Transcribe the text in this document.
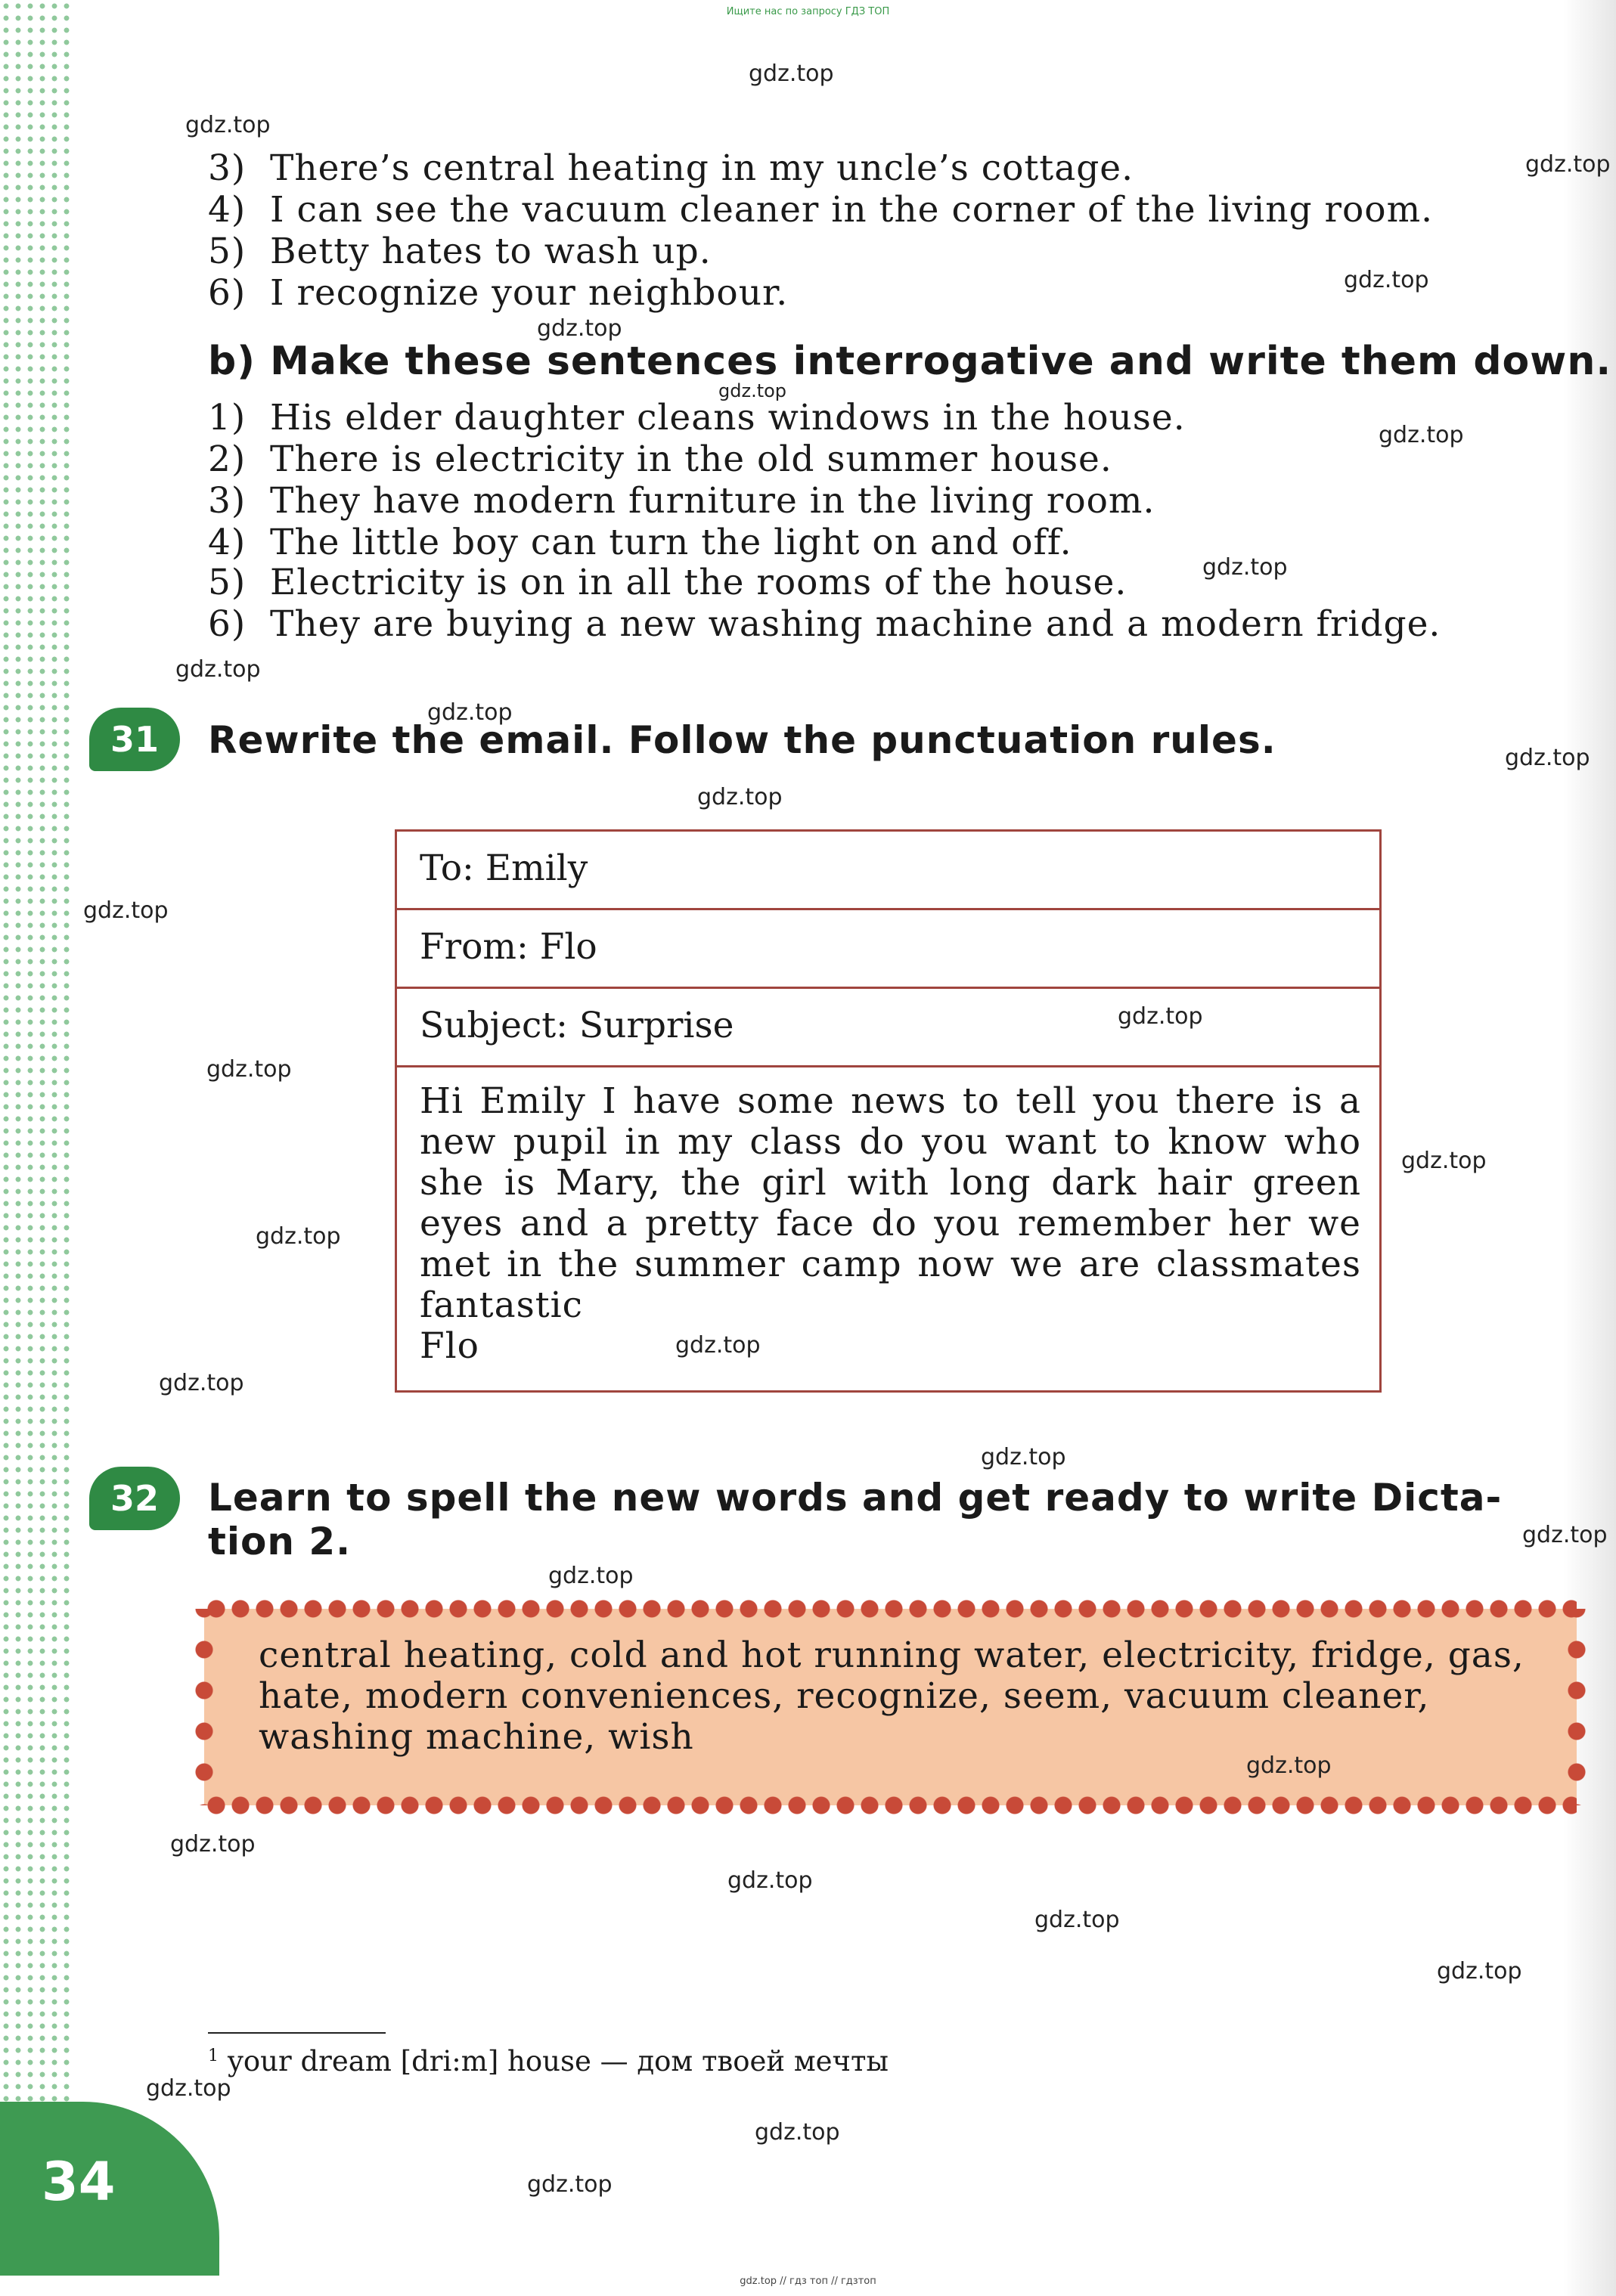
Ищите нас по запросу ГДЗ ТОП
3) There’s central heating in my uncle’s cottage.
4) I can see the vacuum cleaner in the corner of the living room.
5) Betty hates to wash up.
6) I recognize your neighbour.
b) Make these sentences interrogative and write them down.
1) His elder daughter cleans windows in the house.
2) There is electricity in the old summer house.
3) They have modern furniture in the living room.
4) The little boy can turn the light on and off.
5) Electricity is on in all the rooms of the house.
6) They are buying a new washing machine and a modern fridge.
31	Rewrite the email. Follow the punctuation rules.
To: Emily
From: Flo
Subject: Surprise
Hi Emily I have some news to tell you there is a new pupil in my class do you want to know who she is Mary, the girl with long dark hair green eyes and a pretty face do you remember her we met in the summer camp now we are classmates fantastic
Flo
32	Learn to spell the new words and get ready to write Dicta-
tion 2.
central heating, cold and hot running water, electricity, fridge, gas, hate, modern conveniences, recognize, seem, vacuum cleaner, washing machine, wish
$^1$ your dream [dri:m] house — дом твоей мечты
34
gdz.top
gdz.top
gdz.top
gdz.top
gdz.top
gdz.top
gdz.top
gdz.top
gdz.top
gdz.top
gdz.top
gdz.top
gdz.top
gdz.top
gdz.top
gdz.top
gdz.top
gdz.top
gdz.top
gdz.top
gdz.top
gdz.top
gdz.top
gdz.top
gdz.top
gdz.top
gdz.top
gdz.top
gdz.top
gdz.top
gdz.top // гдз топ // гдзтоп
